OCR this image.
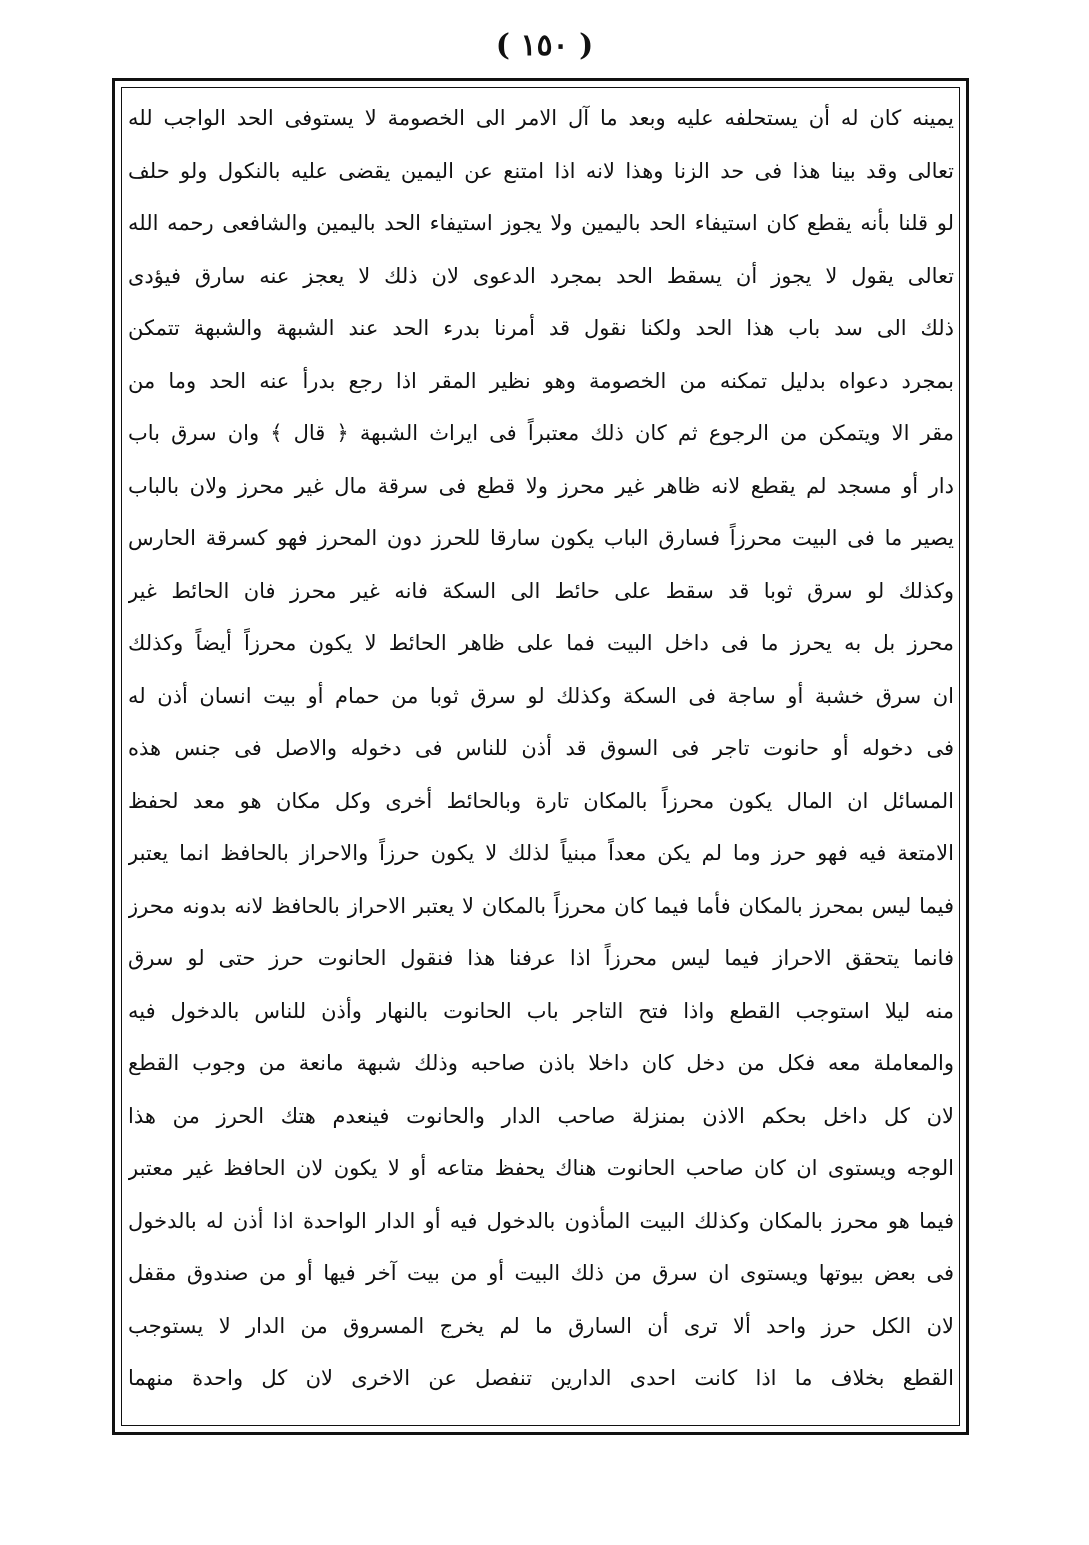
( ١٥٠ )
يمينه كان له أن يستحلفه عليه وبعد ما آل الامر الى الخصومة لا يستوفى الحد الواجب لله
تعالى وقد بينا هذا فى حد الزنا وهذا لانه اذا امتنع عن اليمين يقضى عليه بالنكول ولو حلف
لو قلنا بأنه يقطع كان استيفاء الحد باليمين ولا يجوز استيفاء الحد باليمين والشافعى رحمه الله
تعالى يقول لا يجوز أن يسقط الحد بمجرد الدعوى لان ذلك لا يعجز عنه سارق فيؤدى
ذلك الى سد باب هذا الحد ولكنا نقول قد أمرنا بدرء الحد عند الشبهة والشبهة تتمكن
بمجرد دعواه بدليل تمكنه من الخصومة وهو نظير المقر اذا رجع بدرأ عنه الحد وما من
مقر الا ويتمكن من الرجوع ثم كان ذلك معتبراً فى ايراث الشبهة ﴿ قال ﴾ وان سرق باب
دار أو مسجد لم يقطع لانه ظاهر غير محرز ولا قطع فى سرقة مال غير محرز ولان بالباب
يصير ما فى البيت محرزاً فسارق الباب يكون سارقا للحرز دون المحرز فهو كسرقة الحارس
وكذلك لو سرق ثوبا قد سقط على حائط الى السكة فانه غير محرز فان الحائط غير
محرز بل به يحرز ما فى داخل البيت فما على ظاهر الحائط لا يكون محرزاً أيضاً وكذلك
ان سرق خشبة أو ساجة فى السكة وكذلك لو سرق ثوبا من حمام أو بيت انسان أذن له
فى دخوله أو حانوت تاجر فى السوق قد أذن للناس فى دخوله والاصل فى جنس هذه
المسائل ان المال يكون محرزاً بالمكان تارة وبالحائط أخرى وكل مكان هو معد لحفظ
الامتعة فيه فهو حرز وما لم يكن معداً مبنياً لذلك لا يكون حرزاً والاحراز بالحافظ انما يعتبر
فيما ليس بمحرز بالمكان فأما فيما كان محرزاً بالمكان لا يعتبر الاحراز بالحافظ لانه بدونه محرز
فانما يتحقق الاحراز فيما ليس محرزاً اذا عرفنا هذا فنقول الحانوت حرز حتى لو سرق
منه ليلا استوجب القطع واذا فتح التاجر باب الحانوت بالنهار وأذن للناس بالدخول فيه
والمعاملة معه فكل من دخل كان داخلا باذن صاحبه وذلك شبهة مانعة من وجوب القطع
لان كل داخل بحكم الاذن بمنزلة صاحب الدار والحانوت فينعدم هتك الحرز من هذا
الوجه ويستوى ان كان صاحب الحانوت هناك يحفظ متاعه أو لا يكون لان الحافظ غير معتبر
فيما هو محرز بالمكان وكذلك البيت المأذون بالدخول فيه أو الدار الواحدة اذا أذن له بالدخول
فى بعض بيوتها ويستوى ان سرق من ذلك البيت أو من بيت آخر فيها أو من صندوق مقفل
لان الكل حرز واحد ألا ترى أن السارق ما لم يخرج المسروق من الدار لا يستوجب
القطع بخلاف ما اذا كانت احدى الدارين تنفصل عن الاخرى لان كل واحدة منهما
